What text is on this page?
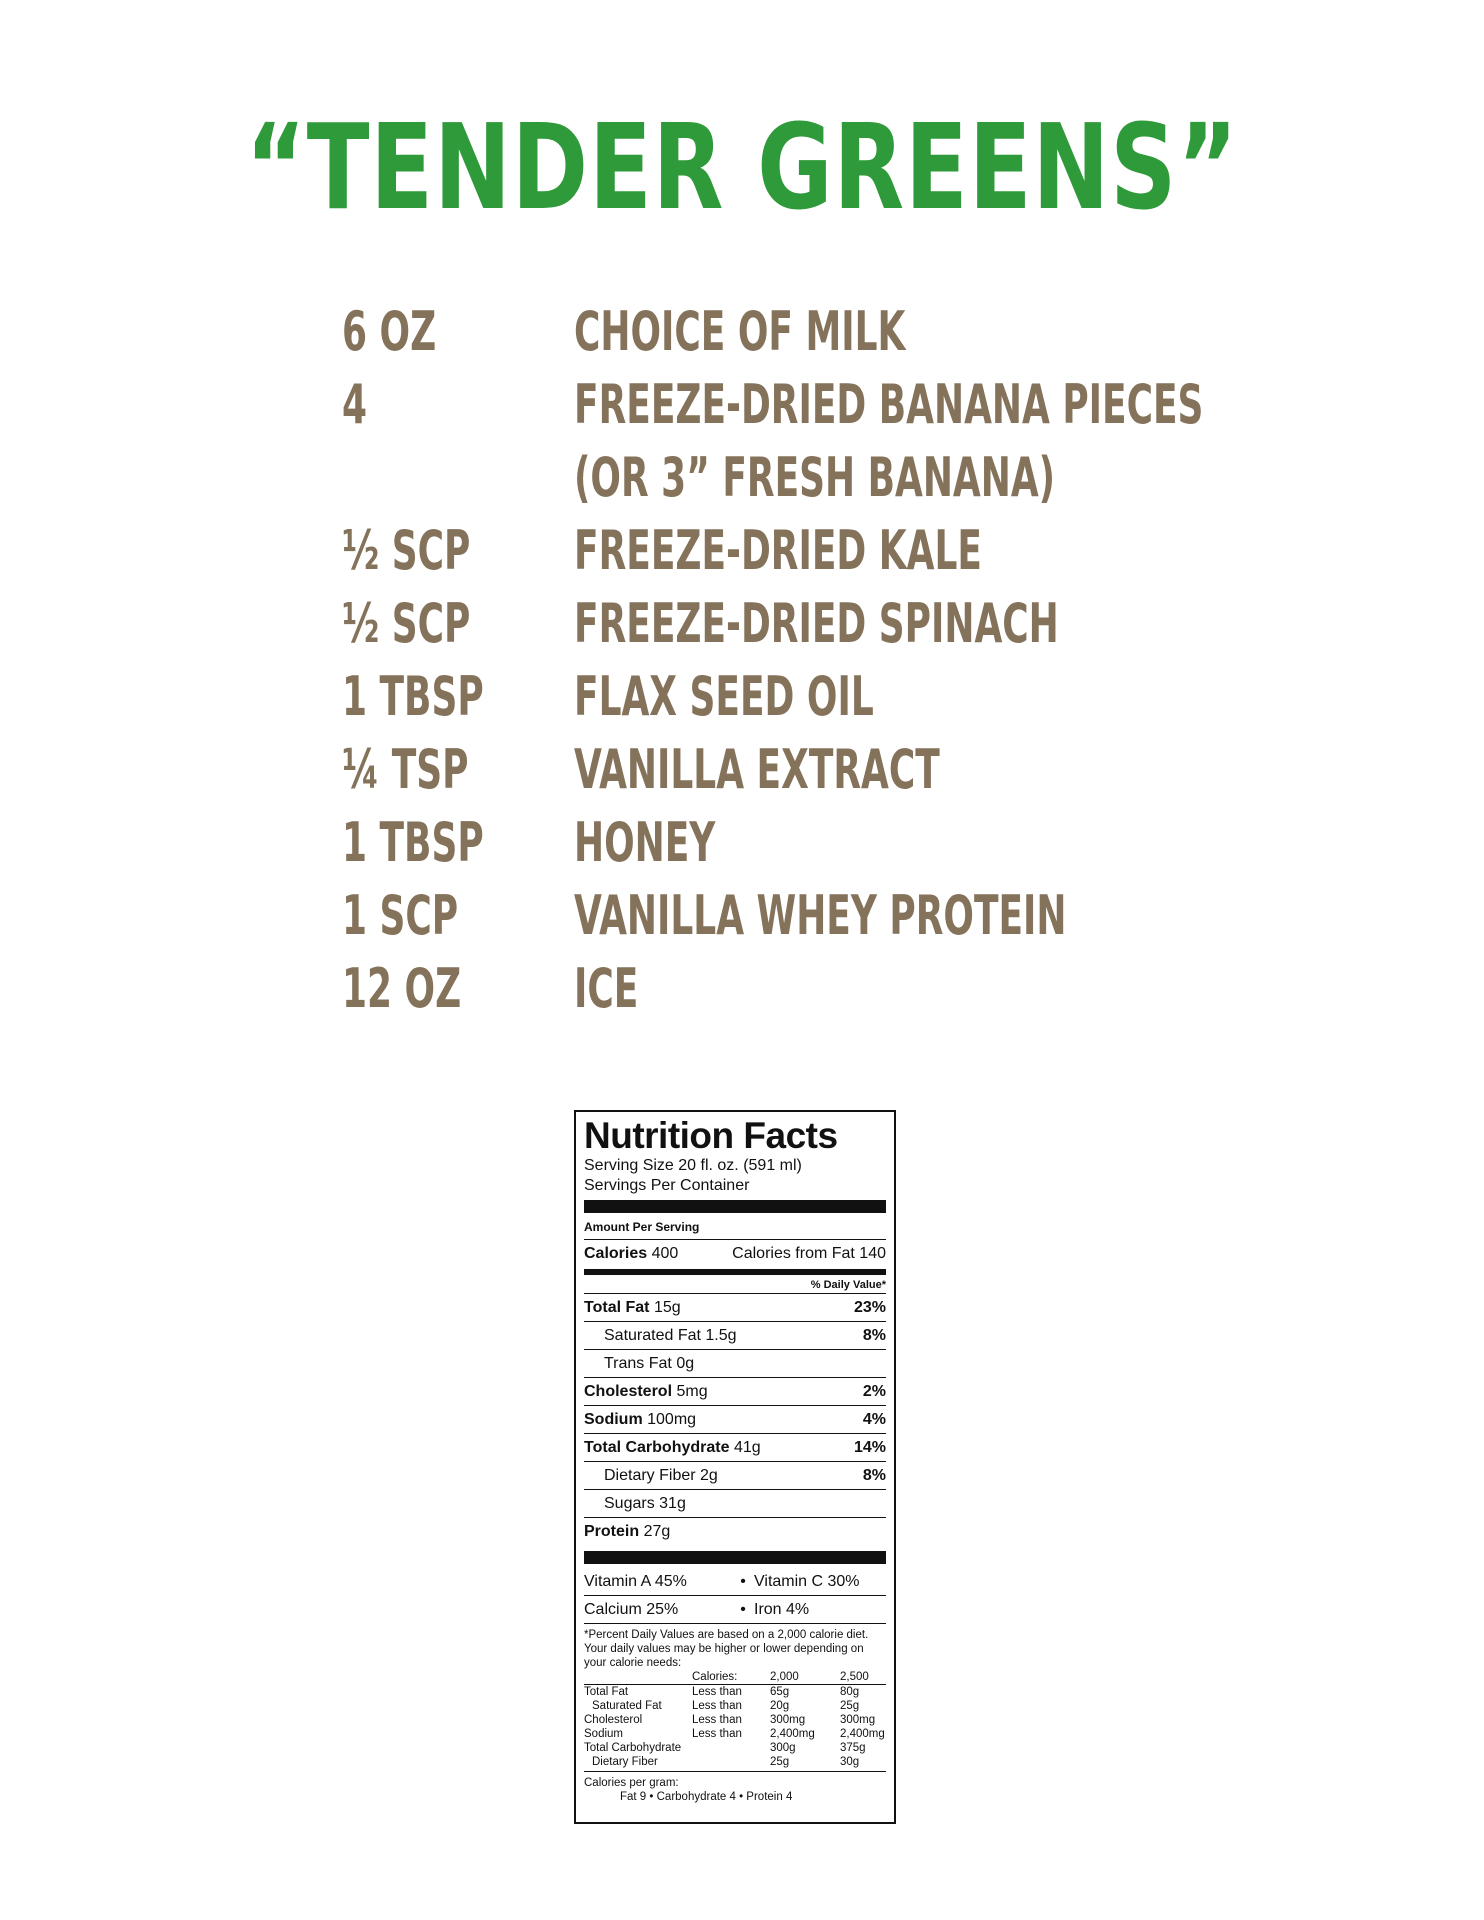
“TENDER GREENS”
6 OZ	CHOICE OF MILK
4	FREEZE-DRIED BANANA PIECES
(OR 3” FRESH BANANA)
½ SCP FREEZE-DRIED KALE
½ SCP FREEZE-DRIED SPINACH
1 TBSP FLAX SEED OIL
¼ TSP VANILLA EXTRACT
1 TBSP HONEY
1 SCP VANILLA WHEY PROTEIN
12 OZ ICE
Nutrition Facts
Serving Size 20 fl. oz. (591 ml)
Servings Per Container
Amount Per Serving
Calories 400	Calories from Fat 140
% Daily Value*
Total Fat 15g	23%
Saturated Fat 1.5g	8%
Trans Fat 0g
Cholesterol 5mg	2%
Sodium 100mg	4%
Total Carbohydrate 41g	14%
Dietary Fiber 2g	8%
Sugars 31g
Protein 27g
Vitamin A 45%	• Vitamin C 30%
Calcium 25%	• Iron 4%
*Percent Daily Values are based on a 2,000 calorie diet. Your daily values may be higher or lower depending on your calorie needs:
	Calories:	2,000	2,500
Total Fat	Less than	65g	80g
Saturated Fat	Less than	20g	25g
Cholesterol	Less than	300mg	300mg
Sodium	Less than	2,400mg	2,400mg
Total Carbohydrate		300g	375g
Dietary Fiber		25g	30g
Calories per gram:
Fat 9 • Carbohydrate 4 • Protein 4
